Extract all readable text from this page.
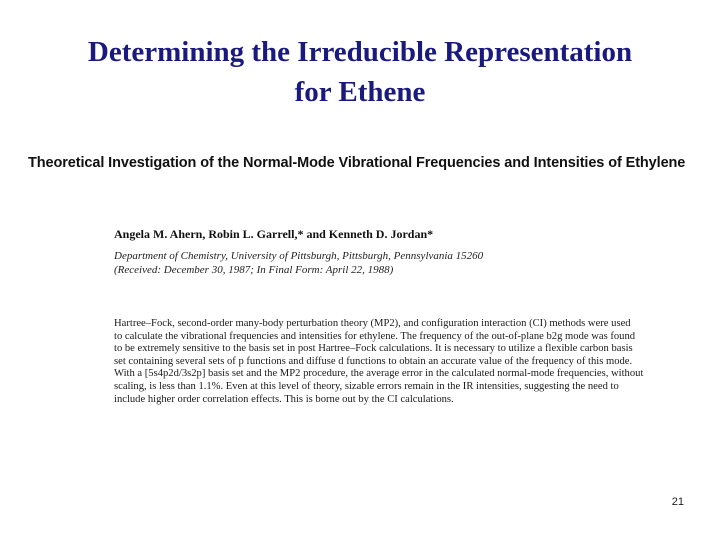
Determining the Irreducible Representation
for Ethene
Theoretical Investigation of the Normal-Mode Vibrational Frequencies and Intensities of Ethylene
Angela M. Ahern, Robin L. Garrell,* and Kenneth D. Jordan*
Department of Chemistry, University of Pittsburgh, Pittsburgh, Pennsylvania 15260
(Received: December 30, 1987; In Final Form: April 22, 1988)
Hartree–Fock, second-order many-body perturbation theory (MP2), and configuration interaction (CI) methods were used
to calculate the vibrational frequencies and intensities for ethylene. The frequency of the out-of-plane b2g mode was found
to be extremely sensitive to the basis set in post Hartree–Fock calculations. It is necessary to utilize a flexible carbon basis
set containing several sets of p functions and diffuse d functions to obtain an accurate value of the frequency of this mode.
With a [5s4p2d/3s2p] basis set and the MP2 procedure, the average error in the calculated normal-mode frequencies, without
scaling, is less than 1.1%. Even at this level of theory, sizable errors remain in the IR intensities, suggesting the need to
include higher order correlation effects. This is borne out by the CI calculations.
21
